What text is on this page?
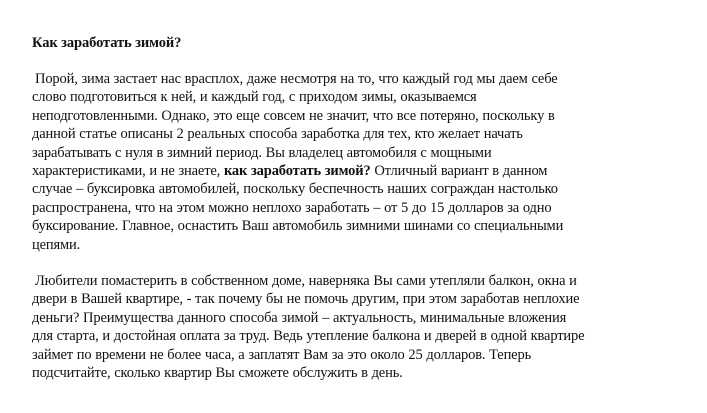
Как заработать зимой?

Порой, зима застает нас врасплох, даже несмотря на то, что каждый год мы даем себе
слово подготовиться к ней, и каждый год, с приходом зимы, оказываемся
неподготовленными. Однако, это еще совсем не значит, что все потеряно, поскольку в
данной статье описаны 2 реальных способа заработка для тех, кто желает начать
зарабатывать с нуля в зимний период. Вы владелец автомобиля с мощными
характеристиками, и не знаете, как заработать зимой? Отличный вариант в данном
случае – буксировка автомобилей, поскольку беспечность наших сограждан настолько
распространена, что на этом можно неплохо заработать – от 5 до 15 долларов за одно
буксирование. Главное, оснастить Ваш автомобиль зимними шинами со специальными
цепями.

Любители помастерить в собственном доме, наверняка Вы сами утепляли балкон, окна и
двери в Вашей квартире, - так почему бы не помочь другим, при этом заработав неплохие
деньги? Преимущества данного способа зимой – актуальность, минимальные вложения
для старта, и достойная оплата за труд. Ведь утепление балкона и дверей в одной квартире
займет по времени не более часа, а заплатят Вам за это около 25 долларов. Теперь
подсчитайте, сколько квартир Вы сможете обслужить в день.
